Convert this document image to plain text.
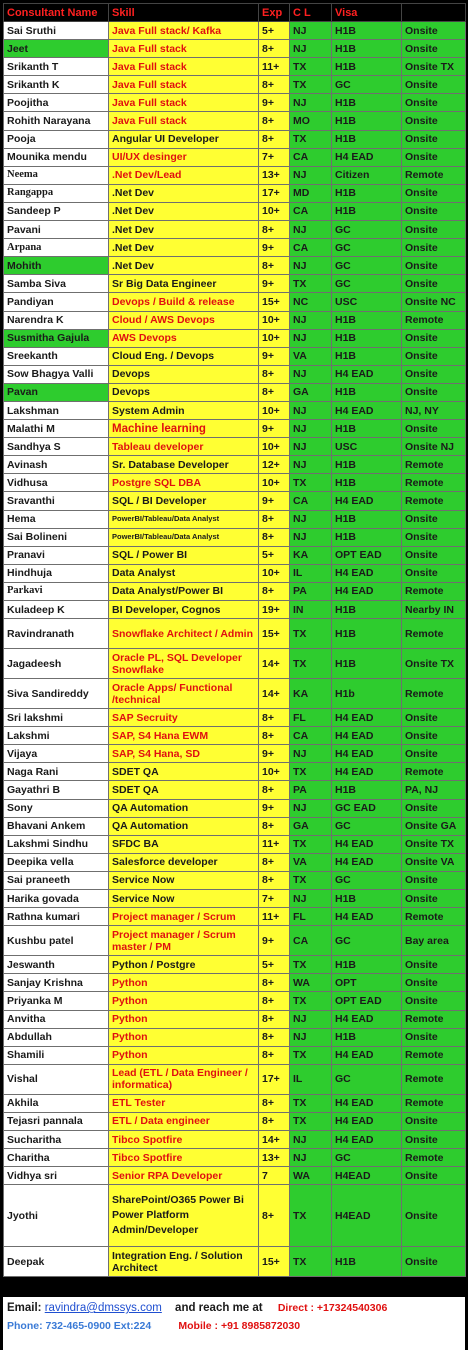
Consultant Name	Skill	Exp	C L	Visa	
Sai Sruthi	Java Full stack/ Kafka	5+	NJ	H1B	Onsite
Jeet	Java Full stack	8+	NJ	H1B	Onsite
Srikanth T	Java Full stack	11+	TX	H1B	Onsite TX
Srikanth K	Java Full stack	8+	TX	GC	Onsite
Poojitha	Java Full stack	9+	NJ	H1B	Onsite
Rohith Narayana	Java Full stack	8+	MO	H1B	Onsite
Pooja	Angular UI Developer	8+	TX	H1B	Onsite
Mounika mendu	UI/UX desinger	7+	CA	H4 EAD	Onsite
Neema	.Net Dev/Lead	13+	NJ	Citizen	Remote
Rangappa	.Net Dev	17+	MD	H1B	Onsite
Sandeep P	.Net Dev	10+	CA	H1B	Onsite
Pavani	.Net Dev	8+	NJ	GC	Onsite
Arpana	.Net Dev	9+	CA	GC	Onsite
Mohith	.Net Dev	8+	NJ	GC	Onsite
Samba Siva	Sr Big Data Engineer	9+	TX	GC	Onsite
Pandiyan	Devops / Build & release	15+	NC	USC	Onsite NC
Narendra K	Cloud / AWS Devops	10+	NJ	H1B	Remote
Susmitha Gajula	AWS Devops	10+	NJ	H1B	Onsite
Sreekanth	Cloud Eng. / Devops	9+	VA	H1B	Onsite
Sow Bhagya Valli	Devops	8+	NJ	H4 EAD	Onsite
Pavan	Devops	8+	GA	H1B	Onsite
Lakshman	System Admin	10+	NJ	H4 EAD	NJ, NY
Malathi M	Machine learning	9+	NJ	H1B	Onsite
Sandhya S	Tableau developer	10+	NJ	USC	Onsite NJ
Avinash	Sr. Database Developer	12+	NJ	H1B	Remote
Vidhusa	Postgre SQL DBA	10+	TX	H1B	Remote
Sravanthi	SQL / BI Developer	9+	CA	H4 EAD	Remote
Hema	PowerBI/Tableau/Data Analyst	8+	NJ	H1B	Onsite
Sai Bolineni	PowerBI/Tableau/Data Analyst	8+	NJ	H1B	Onsite
Pranavi	SQL / Power BI	5+	KA	OPT EAD	Onsite
Hindhuja	Data Analyst	10+	IL	H4 EAD	Onsite
Parkavi	Data Analyst/Power BI	8+	PA	H4 EAD	Remote
Kuladeep K	BI Developer, Cognos	19+	IN	H1B	Nearby IN
Ravindranath	Snowflake Architect / Admin	15+	TX	H1B	Remote
Jagadeesh	Oracle PL, SQL Developer Snowflake	14+	TX	H1B	Onsite TX
Siva Sandireddy	Oracle Apps/ Functional /technical	14+	KA	H1b	Remote
Sri lakshmi	SAP Secruity	8+	FL	H4 EAD	Onsite
Lakshmi	SAP, S4 Hana EWM	8+	CA	H4 EAD	Onsite
Vijaya	SAP, S4 Hana, SD	9+	NJ	H4 EAD	Onsite
Naga Rani	SDET QA	10+	TX	H4 EAD	Remote
Gayathri B	SDET QA	8+	PA	H1B	PA, NJ
Sony	QA Automation	9+	NJ	GC EAD	Onsite
Bhavani Ankem	QA Automation	8+	GA	GC	Onsite GA
Lakshmi Sindhu	SFDC BA	11+	TX	H4 EAD	Onsite TX
Deepika vella	Salesforce developer	8+	VA	H4 EAD	Onsite VA
Sai praneeth	Service Now	8+	TX	GC	Onsite
Harika govada	Service Now	7+	NJ	H1B	Onsite
Rathna kumari	Project manager / Scrum	11+	FL	H4 EAD	Remote
Kushbu patel	Project manager / Scrum master / PM	9+	CA	GC	Bay area
Jeswanth	Python / Postgre	5+	TX	H1B	Onsite
Sanjay Krishna	Python	8+	WA	OPT	Onsite
Priyanka M	Python	8+	TX	OPT EAD	Onsite
Anvitha	Python	8+	NJ	H4 EAD	Remote
Abdullah	Python	8+	NJ	H1B	Onsite
Shamili	Python	8+	TX	H4 EAD	Remote
Vishal	Lead (ETL / Data Engineer / informatica)	17+	IL	GC	Remote
Akhila	ETL Tester	8+	TX	H4 EAD	Remote
Tejasri pannala	ETL / Data engineer	8+	TX	H4 EAD	Onsite
Sucharitha	Tibco Spotfire	14+	NJ	H4 EAD	Onsite
Charitha	Tibco Spotfire	13+	NJ	GC	Remote
Vidhya sri	Senior RPA Developer	7	WA	H4EAD	Onsite
Jyothi	SharePoint/O365 Power Bi Power Platform Admin/Developer	8+	TX	H4EAD	Onsite
Deepak	Integration Eng. / Solution Architect	15+	TX	H1B	Onsite
Email: ravindra@dmssys.com and reach me at Direct : +17324540306
Phone: 732-465-0900 Ext:224	Mobile : +91 8985872030
